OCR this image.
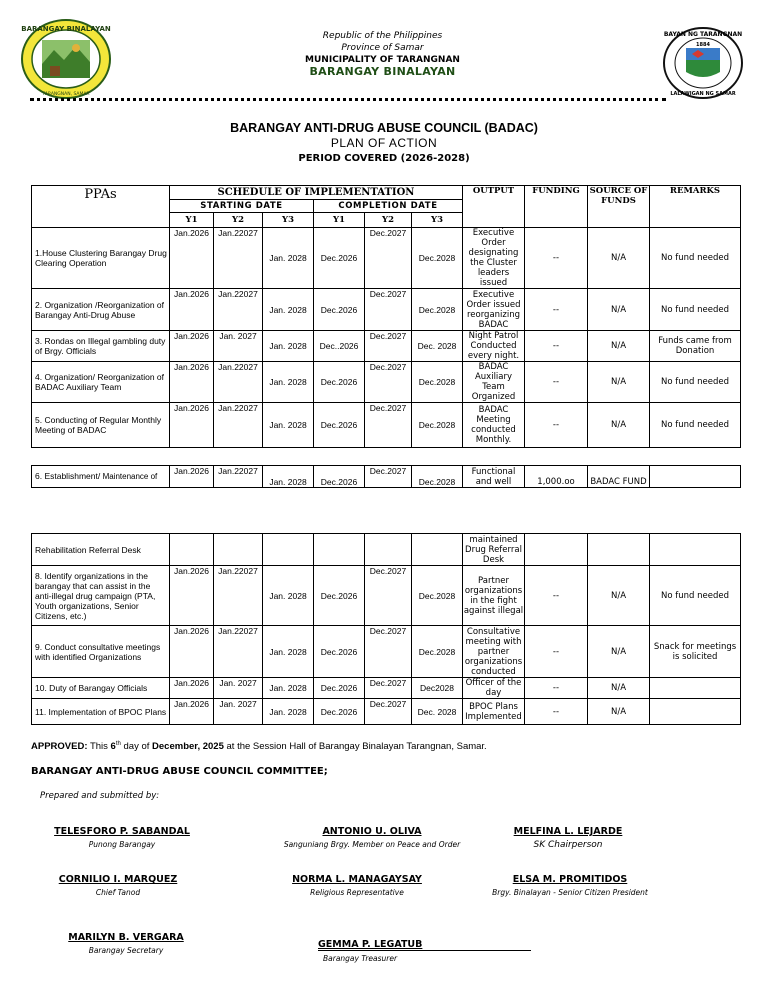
BARANGAY BINALAYAN
TARANGNAN, SAMAR
1884
BAYAN NG TARANGNAN
LALAWIGAN NG SAMAR
Republic of the Philippines
Province of Samar
MUNICIPALITY OF TARANGNAN
BARANGAY BINALAYAN
BARANGAY ANTI-DRUG ABUSE COUNCIL (BADAC)
PLAN OF ACTION
PERIOD COVERED (2026-2028)
PPAs	SCHEDULE OF IMPLEMENTATION						OUTPUT	FUNDING	SOURCE OF FUNDS	REMARKS
	STARTING DATE			COMPLETION DATE						
	Y1	Y2	Y3	Y1	Y2	Y3				
1.House Clustering Barangay Drug Clearing Operation	Jan.2026	Jan.22027	Jan. 2028	Dec.2026	Dec.2027	Dec.2028	Executive Order designating the Cluster leaders issued	--	N/A	No fund needed
2. Organization /Reorganization of Barangay Anti-Drug Abuse	Jan.2026	Jan.22027	Jan. 2028	Dec.2026	Dec.2027	Dec.2028	Executive Order issued reorganizing BADAC	--	N/A	No fund needed
3. Rondas on Illegal gambling duty of Brgy. Officials	Jan.2026	Jan. 2027	Jan. 2028	Dec..2026	Dec.2027	Dec. 2028	Night Patrol Conducted every night.	--	N/A	Funds came from Donation
4. Organization/ Reorganization of BADAC Auxiliary Team	Jan.2026	Jan.22027	Jan. 2028	Dec.2026	Dec.2027	Dec.2028	BADAC Auxiliary Team Organized	--	N/A	No fund needed
5. Conducting of Regular Monthly Meeting of BADAC	Jan.2026	Jan.22027	Jan. 2028	Dec.2026	Dec.2027	Dec.2028	BADAC Meeting conducted Monthly.	--	N/A	No fund needed
6. Establishment/ Maintenance of	Jan.2026	Jan.22027	Jan. 2028	Dec.2026	Dec.2027	Dec.2028	Functional and well	1,000.oo	BADAC FUND	
Rehabilitation Referral Desk							maintained Drug Referral Desk			
8. Identify organizations in the barangay that can assist in the anti-illegal drug campaign (PTA, Youth organizations, Senior Citizens, etc.)	Jan.2026	Jan.22027	Jan. 2028	Dec.2026	Dec.2027	Dec.2028	Partner organizations in the fight against illegal	--	N/A	No fund needed
9. Conduct consultative meetings with identified Organizations	Jan.2026	Jan.22027	Jan. 2028	Dec.2026	Dec.2027	Dec.2028	Consultative meeting with partner organizations conducted	--	N/A	Snack for meetings is solicited
10. Duty of Barangay Officials	Jan.2026	Jan. 2027	Jan. 2028	Dec.2026	Dec.2027	Dec2028	Officer of the day	--	N/A	
11. Implementation of BPOC Plans	Jan.2026	Jan. 2027	Jan. 2028	Dec.2026	Dec.2027	Dec. 2028	BPOC Plans Implemented	--	N/A	
APPROVED: This 6th day of December, 2025 at the Session Hall of Barangay Binalayan Tarangnan, Samar.
BARANGAY ANTI-DRUG ABUSE COUNCIL COMMITTEE;
Prepared and submitted by:
TELESFORO P. SABANDAL
Punong Barangay
ANTONIO U. OLIVA
Sanguniang Brgy. Member on Peace and Order
MELFINA L. LEJARDE
SK Chairperson
CORNILIO I. MARQUEZ
Chief Tanod
NORMA L. MANAGAYSAY
Religious Representative
ELSA M. PROMITIDOS
Brgy. Binalayan - Senior Citizen President
MARILYN B. VERGARA
Barangay Secretary
GEMMA P. LEGATUB
Barangay Treasurer
